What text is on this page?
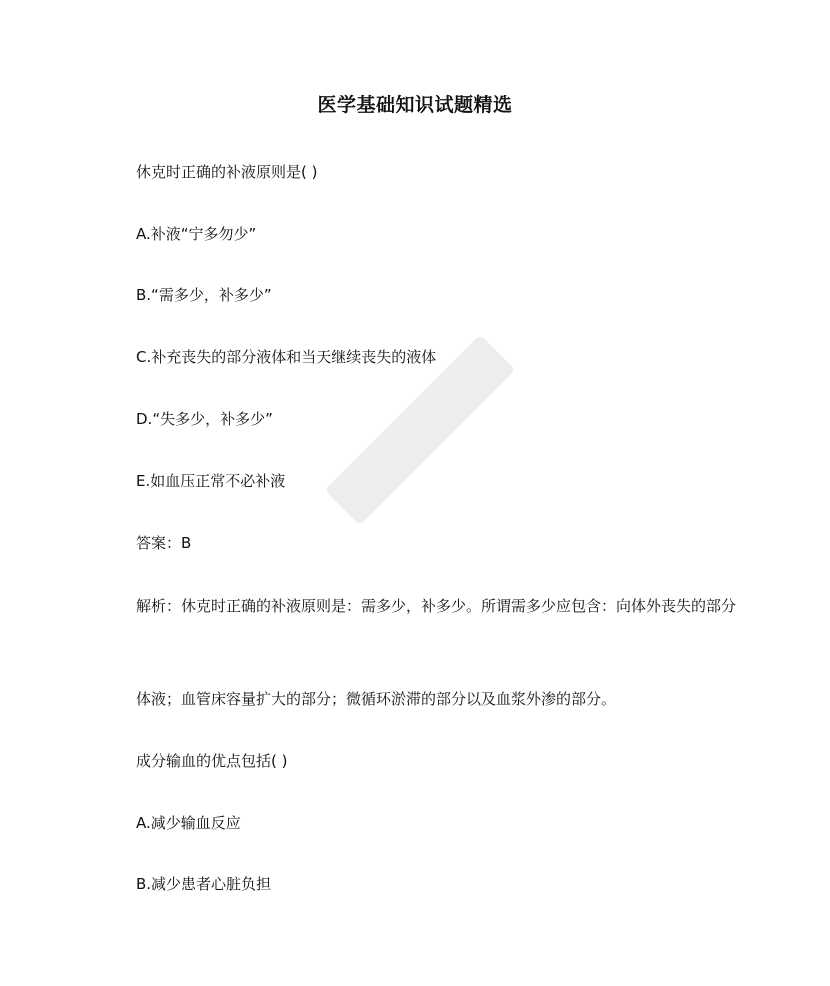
医学基础知识试题精选
休克时正确的补液原则是( )
A.补液“宁多勿少”
B.“需多少，补多少”
C.补充丧失的部分液体和当天继续丧失的液体
D.“失多少，补多少”
E.如血压正常不必补液
答案：B
解析：休克时正确的补液原则是：需多少，补多少。所谓需多少应包含：向体外丧失的部分
体液；血管床容量扩大的部分；微循环淤滞的部分以及血浆外渗的部分。
成分输血的优点包括( )
A.减少输血反应
B.减少患者心脏负担
